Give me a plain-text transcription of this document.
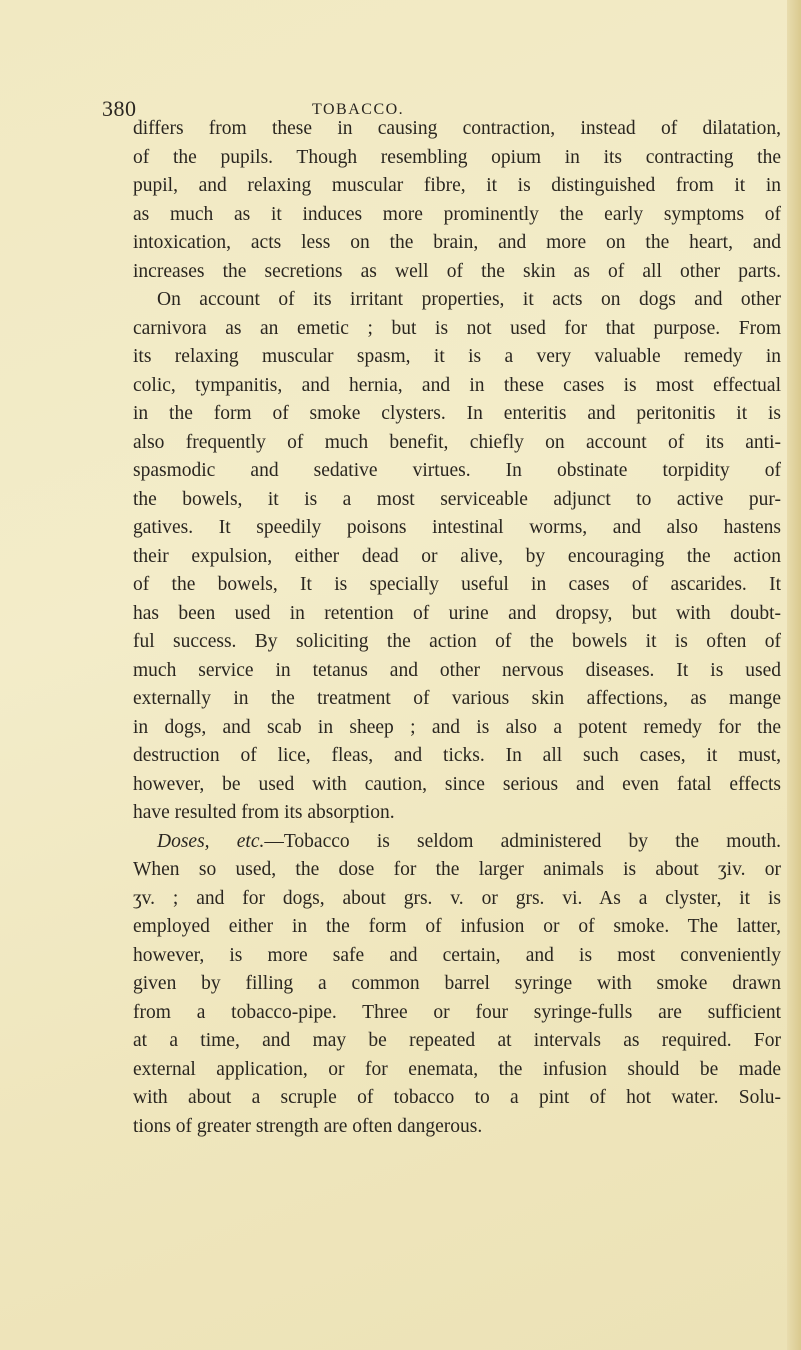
380	TOBACCO.
differs from these in causing contraction, instead of dilatation,
of the pupils. Though resembling opium in its contracting the
pupil, and relaxing muscular fibre, it is distinguished from it in
as much as it induces more prominently the early symptoms of
intoxication, acts less on the brain, and more on the heart, and
increases the secretions as well of the skin as of all other parts.
On account of its irritant properties, it acts on dogs and other
carnivora as an emetic ; but is not used for that purpose. From
its relaxing muscular spasm, it is a very valuable remedy in
colic, tympanitis, and hernia, and in these cases is most effectual
in the form of smoke clysters. In enteritis and peritonitis it is
also frequently of much benefit, chiefly on account of its anti-
spasmodic and sedative virtues. In obstinate torpidity of
the bowels, it is a most serviceable adjunct to active pur-
gatives. It speedily poisons intestinal worms, and also hastens
their expulsion, either dead or alive, by encouraging the action
of the bowels, It is specially useful in cases of ascarides. It
has been used in retention of urine and dropsy, but with doubt-
ful success. By soliciting the action of the bowels it is often of
much service in tetanus and other nervous diseases. It is used
externally in the treatment of various skin affections, as mange
in dogs, and scab in sheep ; and is also a potent remedy for the
destruction of lice, fleas, and ticks. In all such cases, it must,
however, be used with caution, since serious and even fatal effects
have resulted from its absorption.
Doses, etc.—Tobacco is seldom administered by the mouth.
When so used, the dose for the larger animals is about ʒiv. or
ʒv. ; and for dogs, about grs. v. or grs. vi. As a clyster, it is
employed either in the form of infusion or of smoke. The latter,
however, is more safe and certain, and is most conveniently
given by filling a common barrel syringe with smoke drawn
from a tobacco-pipe. Three or four syringe-fulls are sufficient
at a time, and may be repeated at intervals as required. For
external application, or for enemata, the infusion should be made
with about a scruple of tobacco to a pint of hot water. Solu-
tions of greater strength are often dangerous.
